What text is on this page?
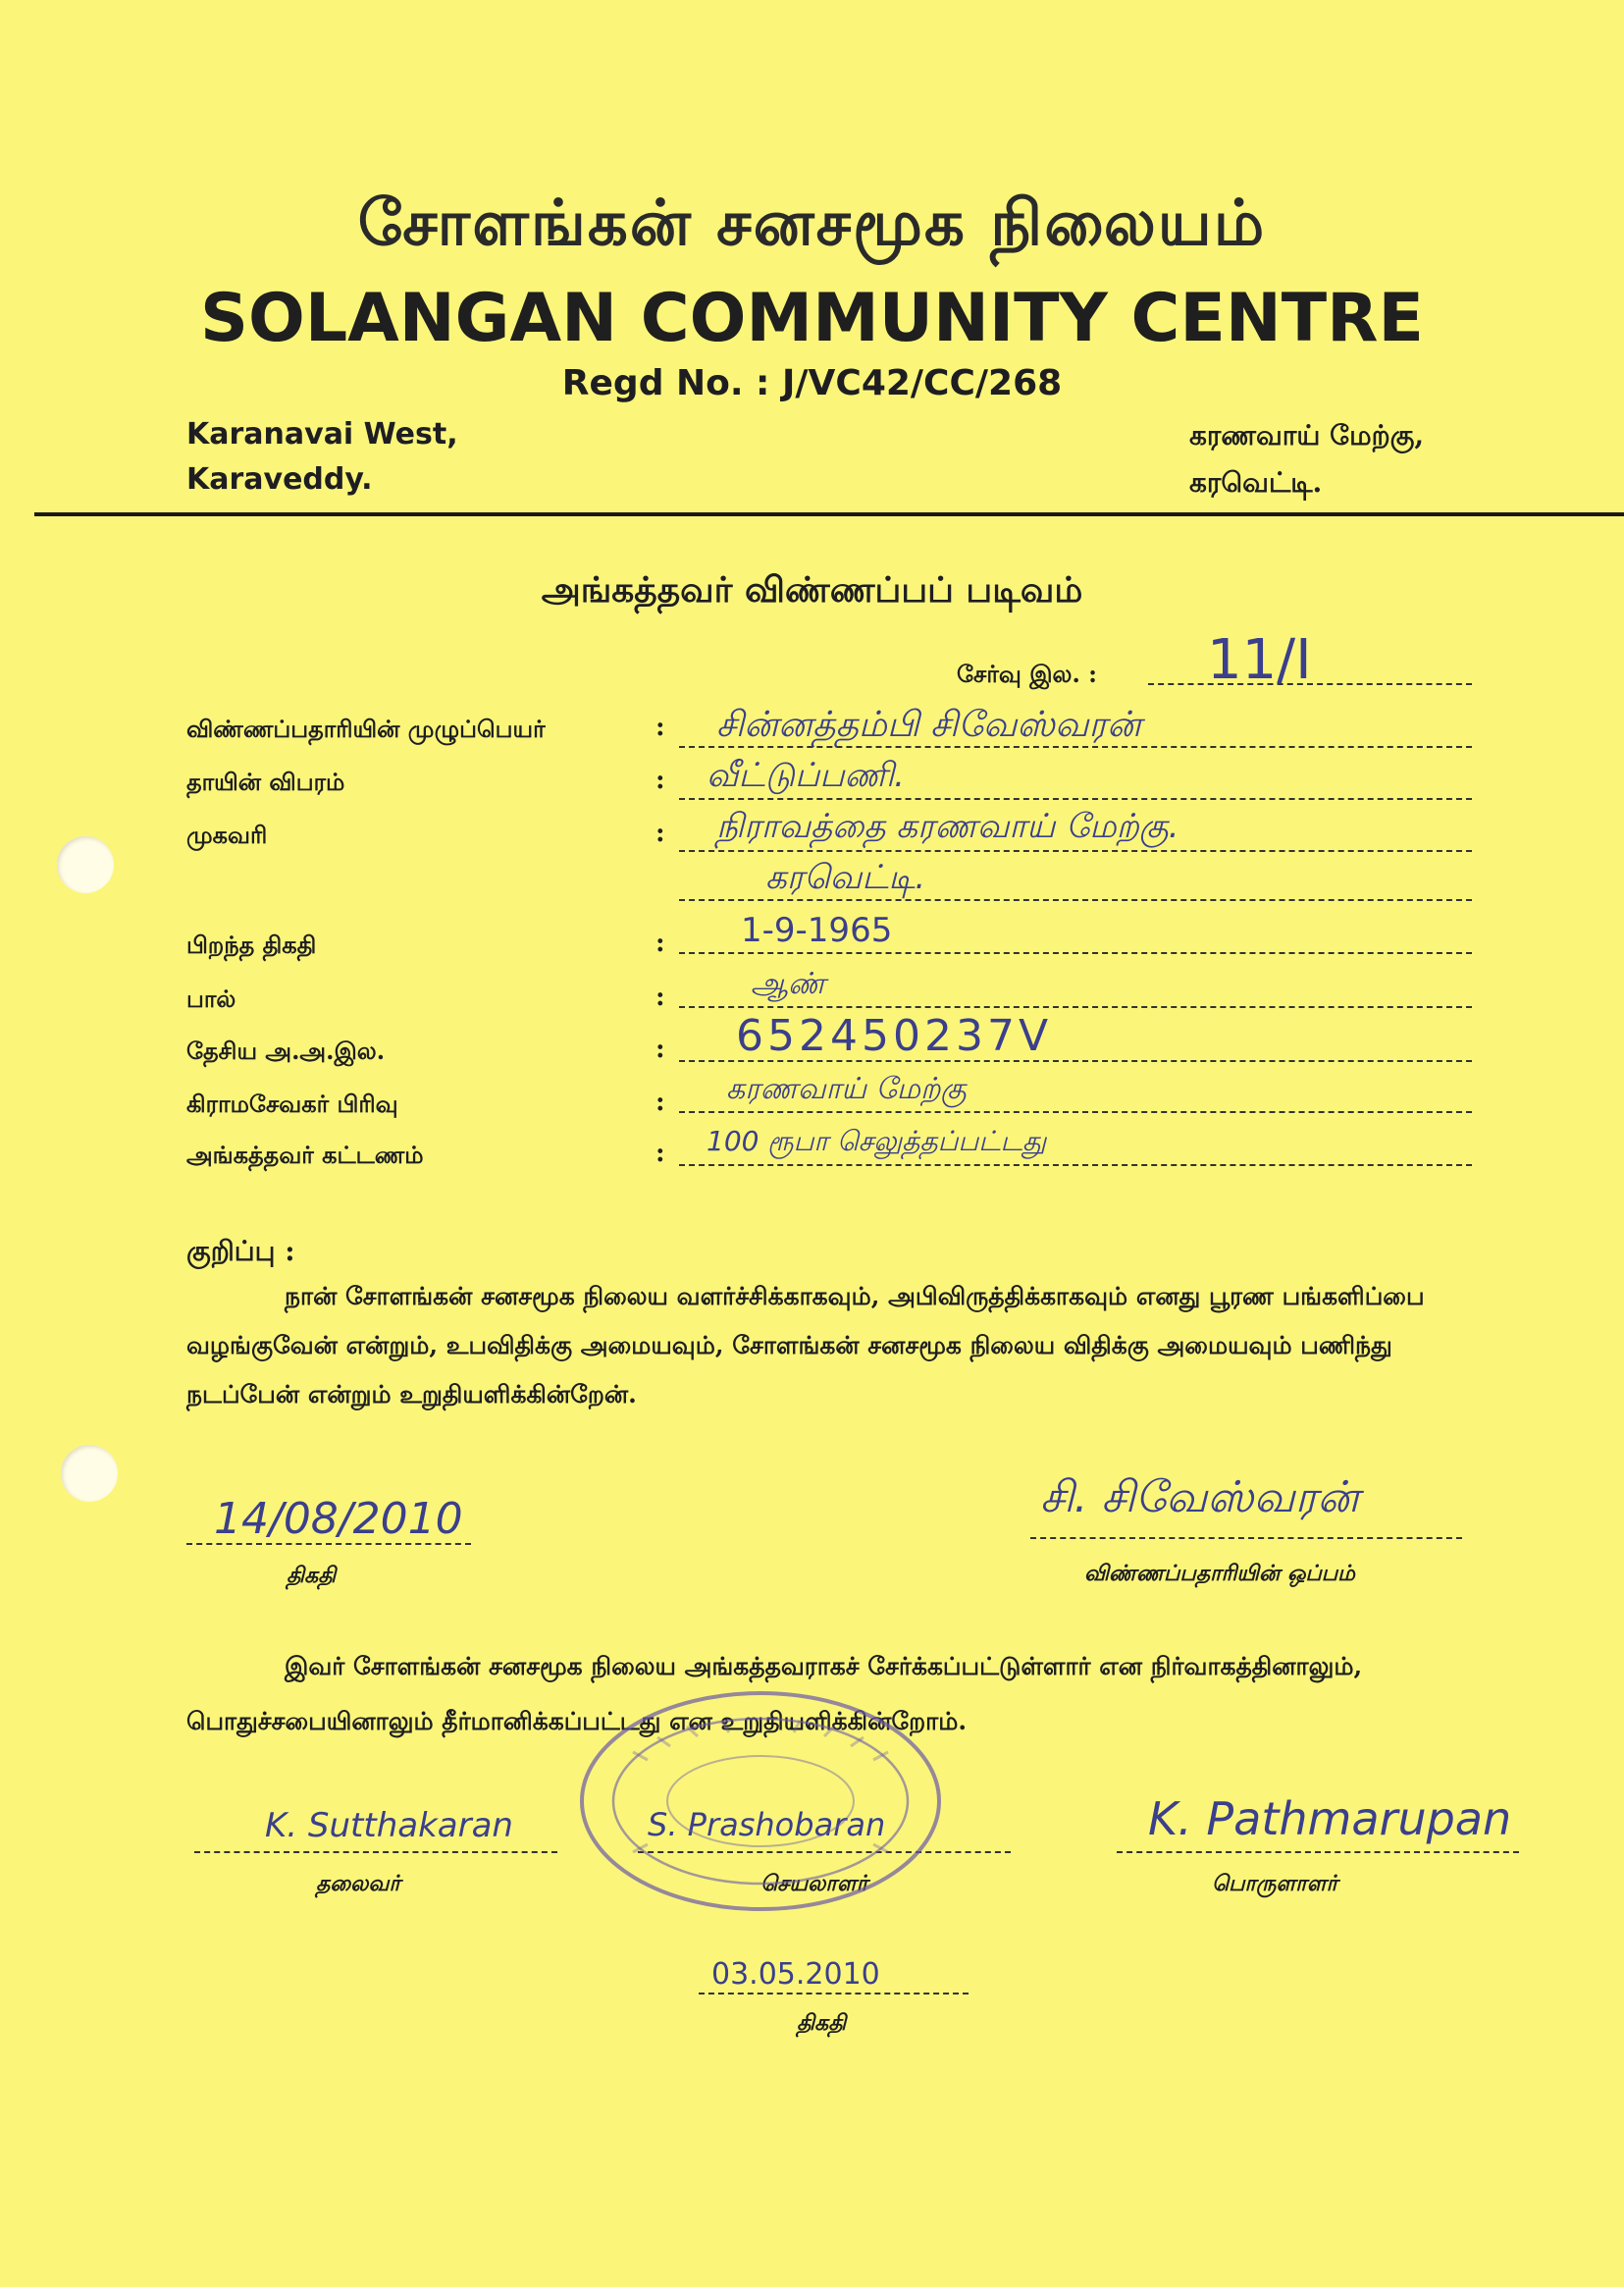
சோளங்கன் சனசமூக நிலையம்
SOLANGAN COMMUNITY CENTRE
Regd No. : J/VC42/CC/268
Karanavai West,
Karaveddy.
கரணவாய் மேற்கு,
கரவெட்டி.
அங்கத்தவர் விண்ணப்பப் படிவம்
சேர்வு இல. : 11/I
விண்ணப்பதாரியின் முழுப்பெயர்	: சின்னத்தம்பி சிவேஸ்வரன்
தாயின் விபரம்	: வீட்டுப்பணி.
முகவரி	: நிராவத்தை கரணவாய் மேற்கு.
கரவெட்டி.
பிறந்த திகதி	: 1-9-1965
பால்	:	ஆண்
தேசிய அ.அ.இல.	: 652450237V
கிராமசேவகர் பிரிவு	: கரணவாய் மேற்கு
அங்கத்தவர் கட்டணம்	: 100 ரூபா செலுத்தப்பட்டது
குறிப்பு :
நான் சோளங்கன் சனசமூக நிலைய வளர்ச்சிக்காகவும், அபிவிருத்திக்காகவும் எனது பூரண பங்களிப்பை வழங்குவேன் என்றும், உபவிதிக்கு அமையவும், சோளங்கன் சனசமூக நிலைய விதிக்கு அமையவும் பணிந்து நடப்பேன் என்றும் உறுதியளிக்கின்றேன்.
14/08/2010
திகதி
சி. சிவேஸ்வரன்
விண்ணப்பதாரியின் ஒப்பம்
இவர் சோளங்கன் சனசமூக நிலைய அங்கத்தவராகச் சேர்க்கப்பட்டுள்ளார் என நிர்வாகத்தினாலும், பொதுச்சபையினாலும் தீர்மானிக்கப்பட்டது என உறுதியளிக்கின்றோம்.
K. Sutthakaran
தலைவர்
S. Prashobaran
செயலாளர்
K. Pathmarupan
பொருளாளர்
03.05.2010
திகதி
